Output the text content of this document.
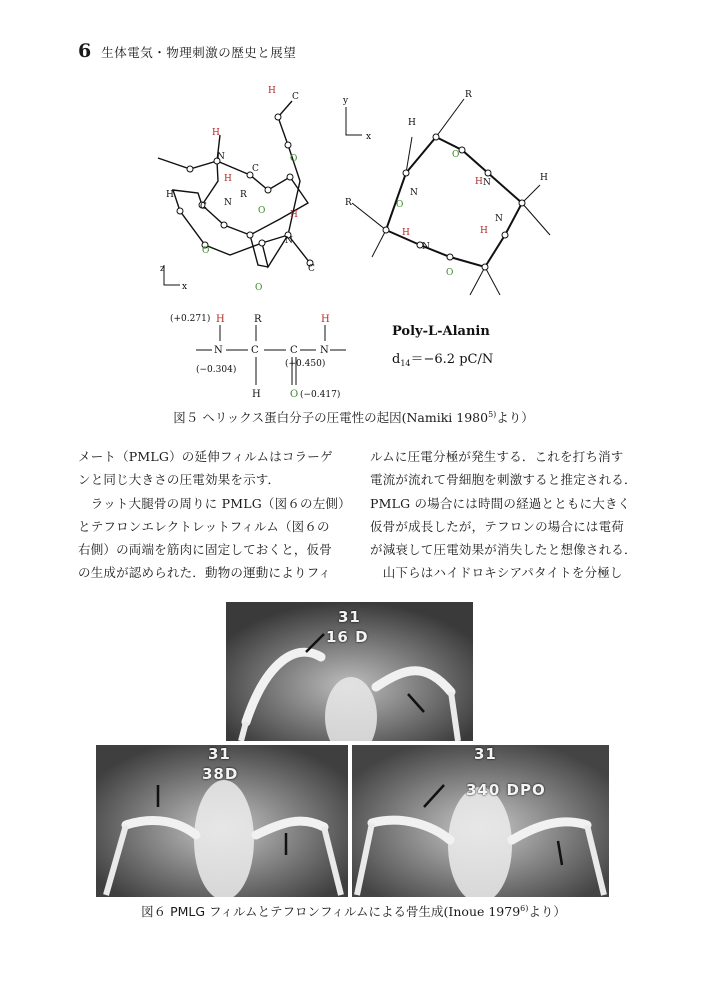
6 生体電気・物理刺激の歴史と展望
H
C
H
N
C
R
O
H
N
C	O	H
N
O
O
C
H
z
x
y
x
H
O
N
O
H
N
O
H
N
H N
R
H
R
(+0.271) H	R	H
N	C	C N
(−0.304)
(+0.450)
H	O (−0.417)
Poly-L-Alanin
$d_{14}=-6.2$ pC/N
図５ ヘリックス蛋白分子の圧電性の起因(Namiki 1980$^{5)}$より）
メート（PMLG）の延伸フィルムはコラーゲ
ンと同じ大きさの圧電効果を示す．
　ラット大腿骨の周りに PMLG（図６の左側）
とテフロンエレクトレットフィルム（図６の
右側）の両端を筋肉に固定しておくと，仮骨
の生成が認められた．動物の運動によりフィ
ルムに圧電分極が発生する．これを打ち消す
電流が流れて骨細胞を刺激すると推定される．
PMLG の場合には時間の経過とともに大きく
仮骨が成長したが，テフロンの場合には電荷
が減衰して圧電効果が消失したと想像される．
　山下らはハイドロキシアパタイトを分極し
31
16 D
31
38D
31
340 DPO
図６ PMLG フィルムとテフロンフィルムによる骨生成(Inoue 1979$^{6)}$より）
